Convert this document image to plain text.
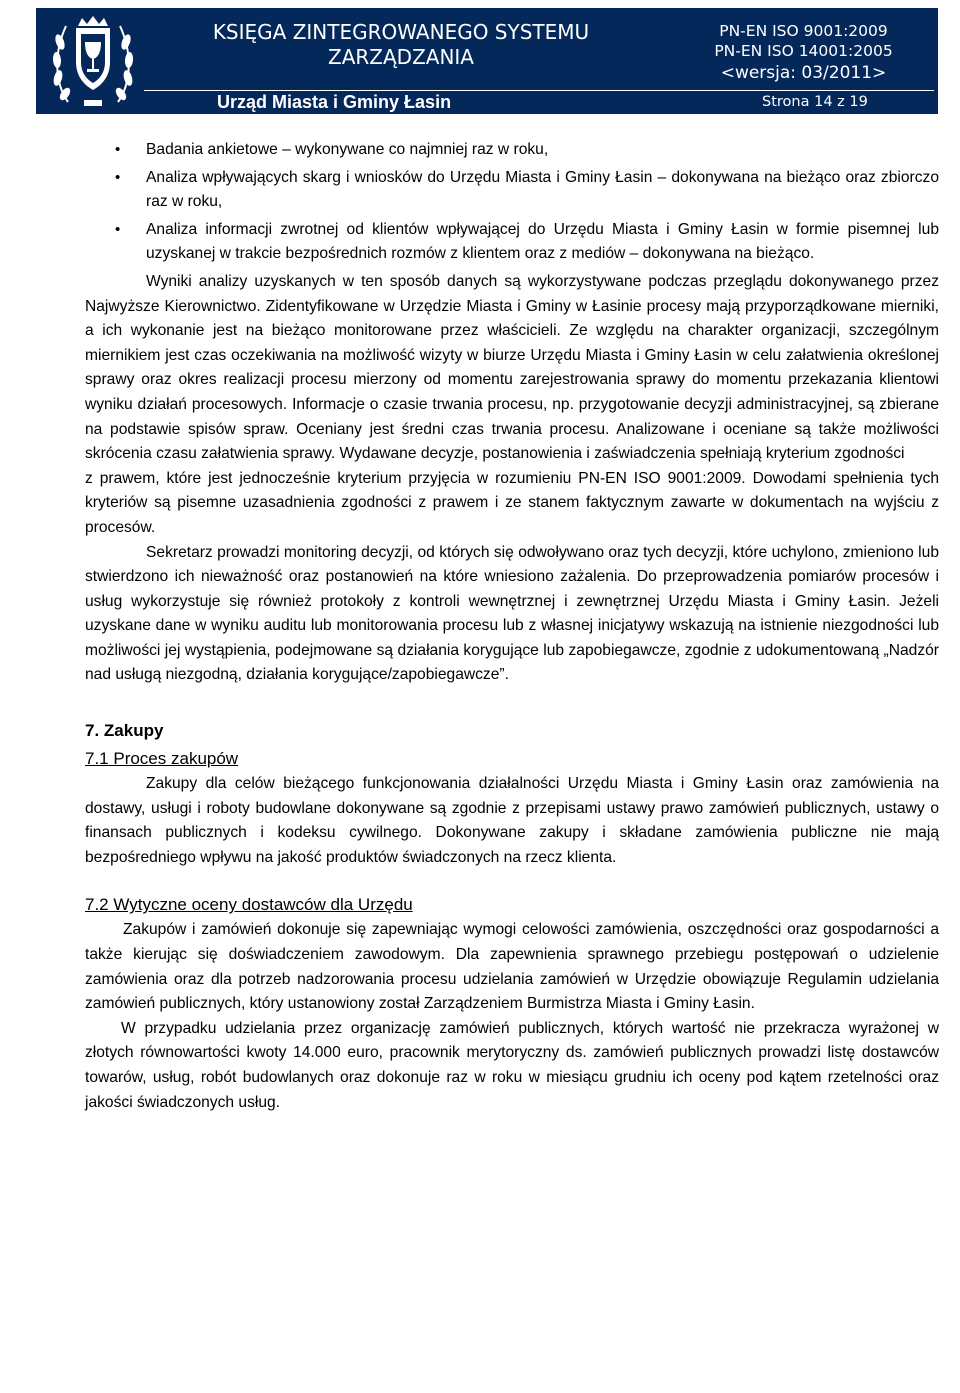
KSIĘGA ZINTEGROWANEGO SYSTEMU
ZARZĄDZANIA
PN-EN ISO 9001:2009
PN-EN ISO 14001:2005
<wersja: 03/2011>
Urząd Miasta i Gminy Łasin	Strona 14 z 19
• Badania ankietowe – wykonywane co najmniej raz w roku,
• Analiza wpływających skarg i wniosków do Urzędu Miasta i Gminy Łasin – dokonywana na bieżąco oraz zbiorczo raz w roku,
• Analiza informacji zwrotnej od klientów wpływającej do Urzędu Miasta i Gminy Łasin w formie pisemnej lub uzyskanej w trakcie bezpośrednich rozmów z klientem oraz z mediów – dokonywana na bieżąco.

Wyniki analizy uzyskanych w ten sposób danych są wykorzystywane podczas przeglądu dokonywanego przez Najwyższe Kierownictwo. Zidentyfikowane w Urzędzie Miasta i Gminy w Łasinie procesy mają przyporządkowane mierniki, a ich wykonanie jest na bieżąco monitorowane przez właścicieli. Ze względu na charakter organizacji, szczególnym miernikiem jest czas oczekiwania na możliwość wizyty w biurze Urzędu Miasta i Gminy Łasin w celu załatwienia określonej sprawy oraz okres realizacji procesu mierzony od momentu zarejestrowania sprawy do momentu przekazania klientowi wyniku działań procesowych. Informacje o czasie trwania procesu, np. przygotowanie decyzji administracyjnej, są zbierane na podstawie spisów spraw. Oceniany jest średni czas trwania procesu. Analizowane i oceniane są także możliwości skrócenia czasu załatwienia sprawy. Wydawane decyzje, postanowienia i zaświadczenia spełniają kryterium zgodności

z prawem, które jest jednocześnie kryterium przyjęcia w rozumieniu PN-EN ISO 9001:2009. Dowodami spełnienia tych kryteriów są pisemne uzasadnienia zgodności z prawem i ze stanem faktycznym zawarte w dokumentach na wyjściu z procesów.

Sekretarz prowadzi monitoring decyzji, od których się odwoływano oraz tych decyzji, które uchylono, zmieniono lub stwierdzono ich nieważność oraz postanowień na które wniesiono zażalenia. Do przeprowadzenia pomiarów procesów i usług wykorzystuje się również protokoły z kontroli wewnętrznej i zewnętrznej Urzędu Miasta i Gminy Łasin. Jeżeli uzyskane dane w wyniku auditu lub monitorowania procesu lub z własnej inicjatywy wskazują na istnienie niezgodności lub możliwości jej wystąpienia, podejmowane są działania korygujące lub zapobiegawcze, zgodnie z udokumentowaną „Nadzór nad usługą niezgodną, działania korygujące/zapobiegawcze”.

7. Zakupy

7.1 Proces zakupów

Zakupy dla celów bieżącego funkcjonowania działalności Urzędu Miasta i Gminy Łasin oraz zamówienia na dostawy, usługi i roboty budowlane dokonywane są zgodnie z przepisami ustawy prawo zamówień publicznych, ustawy o finansach publicznych i kodeksu cywilnego. Dokonywane zakupy i składane zamówienia publiczne nie mają bezpośredniego wpływu na jakość produktów świadczonych na rzecz klienta.

7.2 Wytyczne oceny dostawców dla Urzędu

Zakupów i zamówień dokonuje się zapewniając wymogi celowości zamówienia, oszczędności oraz gospodarności a także kierując się doświadczeniem zawodowym. Dla zapewnienia sprawnego przebiegu postępowań o udzielenie zamówienia oraz dla potrzeb nadzorowania procesu udzielania zamówień w Urzędzie obowiązuje Regulamin udzielania zamówień publicznych, który ustanowiony został Zarządzeniem Burmistrza Miasta i Gminy Łasin.

W przypadku udzielania przez organizację zamówień publicznych, których wartość nie przekracza wyrażonej w złotych równowartości kwoty 14.000 euro, pracownik merytoryczny ds. zamówień publicznych prowadzi listę dostawców towarów, usług, robót budowlanych oraz dokonuje raz w roku w miesiącu grudniu ich oceny pod kątem rzetelności oraz jakości świadczonych usług.
